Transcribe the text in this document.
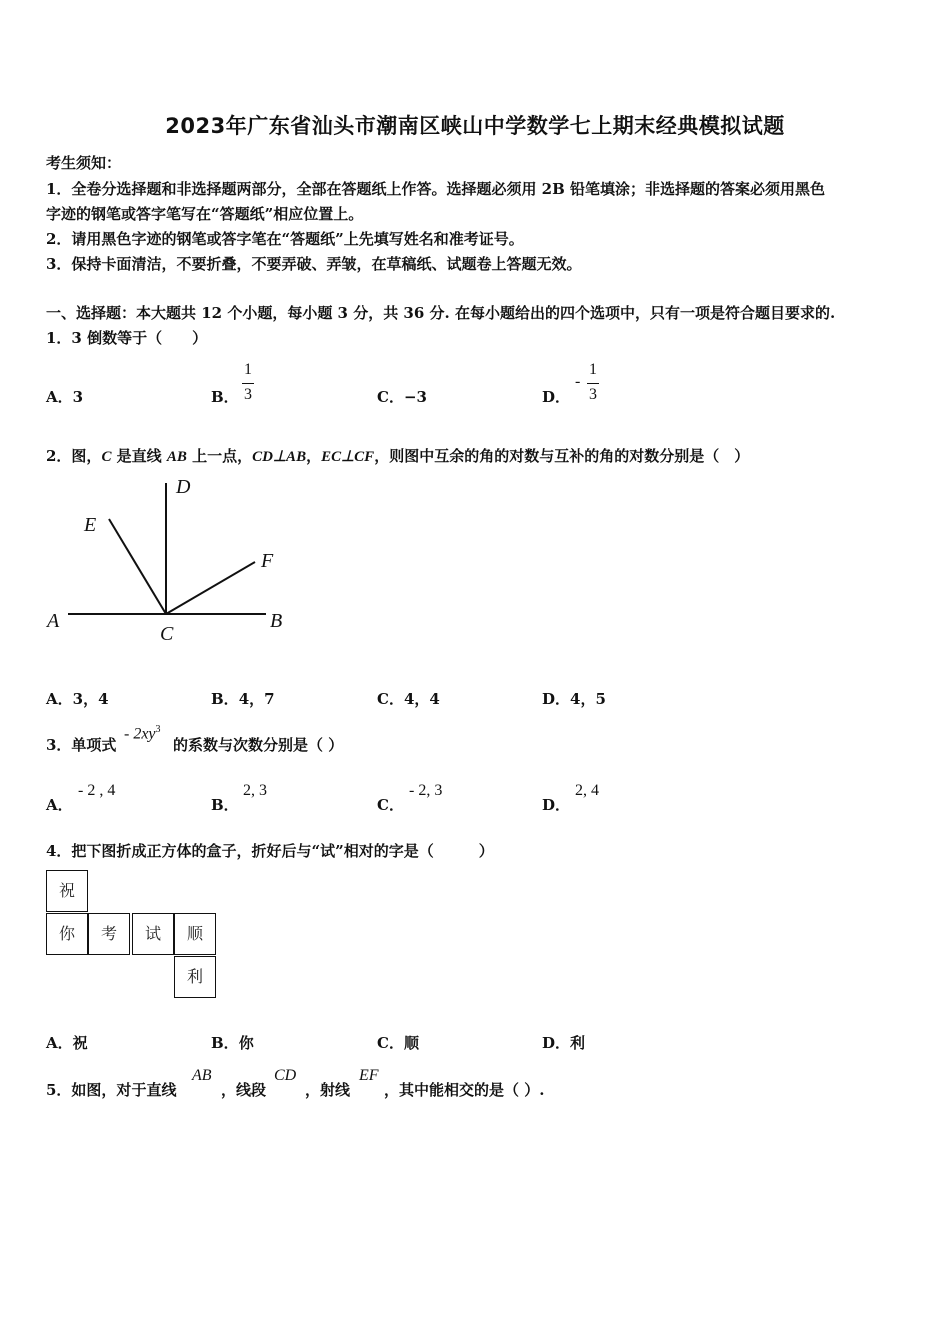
2023年广东省汕头市潮南区峡山中学数学七上期末经典模拟试题
考生须知：
1．全卷分选择题和非选择题两部分，全部在答题纸上作答。选择题必须用 2B 铅笔填涂；非选择题的答案必须用黑色
字迹的钢笔或答字笔写在“答题纸”相应位置上。
2．请用黑色字迹的钢笔或答字笔在“答题纸”上先填写姓名和准考证号。
3．保持卡面清洁，不要折叠，不要弄破、弄皱，在草稿纸、试题卷上答题无效。
一、选择题：本大题共 12 个小题，每小题 3 分，共 36 分. 在每小题给出的四个选项中，只有一项是符合题目要求的.
1．3 倒数等于（　　）
A．3	B．
1
3	C．−3	D．
-
1
3
2．图，C 是直线 AB 上一点，CD⊥AB，EC⊥CF，则图中互余的角的对数与互补的角的对数分别是（　）
D
E
F
A	B
C
A．3，4	B．4，7	C．4，4	D．4，5
3．单项式
- $2xy^3$
的系数与次数分别是（ ）
A．
- 2 , 4
B．
2, 3
C．
- 2, 3
D．
2, 4
4．把下图折成正方体的盒子，折好后与“试”相对的字是（　　　）
祝
你	考	试	顺
利
A．祝	B．你	C．顺	D．利
5．如图，对于直线
AB
，线段
CD
，射线
EF
，其中能相交的是（ ）.
